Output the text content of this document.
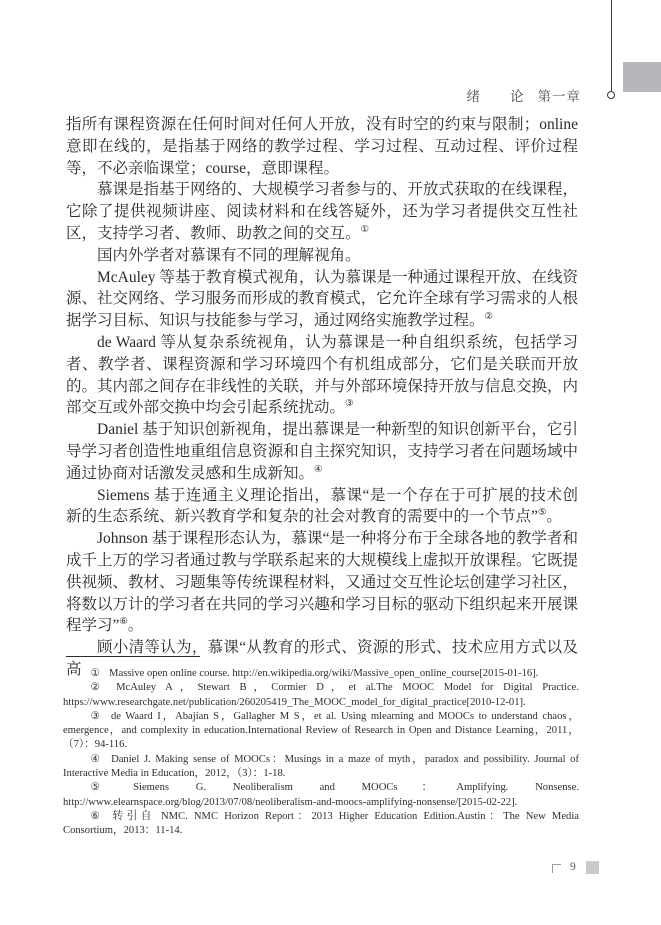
绪　　论 第一章

指所有课程资源在任何时间对任何人开放，没有时空的约束与限制；online 意即在线的，是指基于网络的教学过程、学习过程、互动过程、评价过程等，不必亲临课堂；course，意即课程。

慕课是指基于网络的、大规模学习者参与的、开放式获取的在线课程，它除了提供视频讲座、阅读材料和在线答疑外，还为学习者提供交互性社区，支持学习者、教师、助教之间的交互。①

国内外学者对慕课有不同的理解视角。

McAuley 等基于教育模式视角，认为慕课是一种通过课程开放、在线资源、社交网络、学习服务而形成的教育模式，它允许全球有学习需求的人根据学习目标、知识与技能参与学习，通过网络实施教学过程。②

de Waard 等从复杂系统视角，认为慕课是一种自组织系统，包括学习者、教学者、课程资源和学习环境四个有机组成部分，它们是关联而开放的。其内部之间存在非线性的关联，并与外部环境保持开放与信息交换，内部交互或外部交换中均会引起系统扰动。③

Daniel 基于知识创新视角，提出慕课是一种新型的知识创新平台，它引导学习者创造性地重组信息资源和自主探究知识，支持学习者在问题场域中通过协商对话激发灵感和生成新知。④

Siemens 基于连通主义理论指出，慕课“是一个存在于可扩展的技术创新的生态系统、新兴教育学和复杂的社会对教育的需要中的一个节点”⑤。

Johnson 基于课程形态认为，慕课“是一种将分布于全球各地的教学者和成千上万的学习者通过教与学联系起来的大规模线上虚拟开放课程。它既提供视频、教材、习题集等传统课程材料，又通过交互性论坛创建学习社区，将数以万计的学习者在共同的学习兴趣和学习目标的驱动下组织起来开展课程学习”⑥。

顾小清等认为，慕课“从教育的形式、资源的形式、技术应用方式以及高 ① Massive open online course. http://en.wikipedia.org/wiki/Massive_open_online_course[2015-01-16].

② McAuley A，Stewart B，Cormier D，et al.The MOOC Model for Digital Practice. https://www.researchgate.net/publication/260205419_The_MOOC_model_for_digital_practice[2010-12-01].

③ de Waard I，Abajian S，Gallagher M S，et al. Using mlearning and MOOCs to understand chaos，emergence，and complexity in education.International Review of Research in Open and Distance Learning，2011，（7）：94-116.

④ Daniel J. Making sense of MOOCs：Musings in a maze of myth，paradox and possibility. Journal of Interactive Media in Education，2012，（3）：1-18.

⑤ Siemens G. Neoliberalism and MOOCs：Amplifying. Nonsense. http://www.elearnspace.org/blog/2013/07/08/neoliberalism-and-moocs-amplifying-nonsense/[2015-02-22].

⑥ 转引自 NMC. NMC Horizon Report：2013 Higher Education Edition.Austin：The New Media Consortium，2013：11-14.

9
